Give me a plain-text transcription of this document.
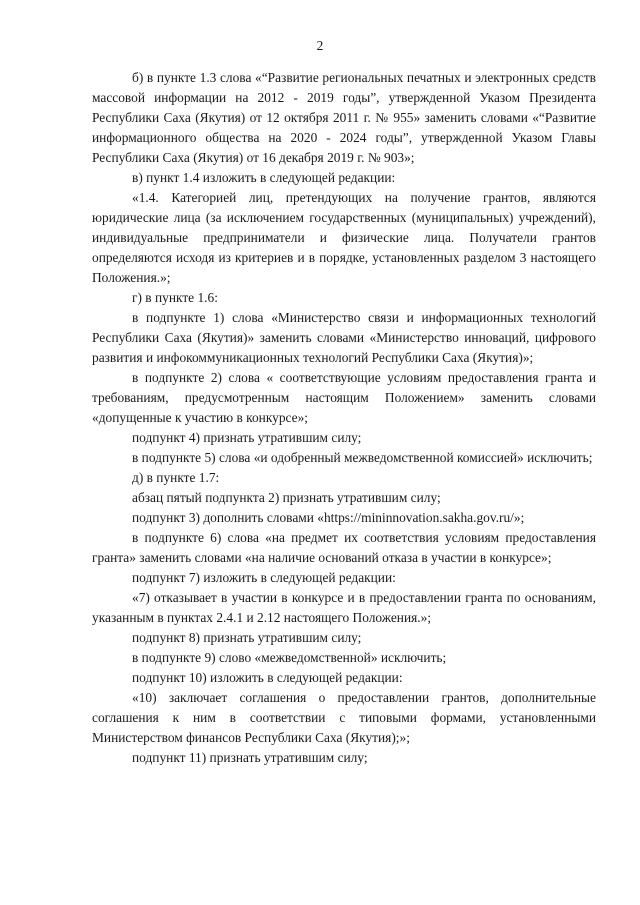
2

б) в пункте 1.3 слова «“Развитие региональных печатных и электронных средств массовой информации на 2012 - 2019 годы”, утвержденной Указом Президента Республики Саха (Якутия) от 12 октября 2011 г. № 955» заменить словами «“Развитие информационного общества на 2020 - 2024 годы”, утвержденной Указом Главы Республики Саха (Якутия) от 16 декабря 2019 г. № 903»;

в) пункт 1.4 изложить в следующей редакции:

«1.4. Категорией лиц, претендующих на получение грантов, являются юридические лица (за исключением государственных (муниципальных) учреждений), индивидуальные предприниматели и физические лица. Получатели грантов определяются исходя из критериев и в порядке, установленных разделом 3 настоящего Положения.»;

г) в пункте 1.6:

в подпункте 1) слова «Министерство связи и информационных технологий Республики Саха (Якутия)» заменить словами «Министерство инноваций, цифрового развития и инфокоммуникационных технологий Республики Саха (Якутия)»;

в подпункте 2) слова « соответствующие условиям предоставления гранта и требованиям, предусмотренным настоящим Положением» заменить словами «допущенные к участию в конкурсе»;

подпункт 4) признать утратившим силу;

в подпункте 5) слова «и одобренный межведомственной комиссией» исключить;

д) в пункте 1.7:

абзац пятый подпункта 2) признать утратившим силу;

подпункт 3) дополнить словами «https://mininnovation.sakha.gov.ru/»;

в подпункте 6) слова «на предмет их соответствия условиям предоставления гранта» заменить словами «на наличие оснований отказа в участии в конкурсе»;

подпункт 7) изложить в следующей редакции:

«7) отказывает в участии в конкурсе и в предоставлении гранта по основаниям, указанным в пунктах 2.4.1 и 2.12 настоящего Положения.»;

подпункт 8) признать утратившим силу;

в подпункте 9) слово «межведомственной» исключить;

подпункт 10) изложить в следующей редакции:

«10) заключает соглашения о предоставлении грантов, дополнительные соглашения к ним в соответствии с типовыми формами, установленными Министерством финансов Республики Саха (Якутия);»;

подпункт 11) признать утратившим силу;
